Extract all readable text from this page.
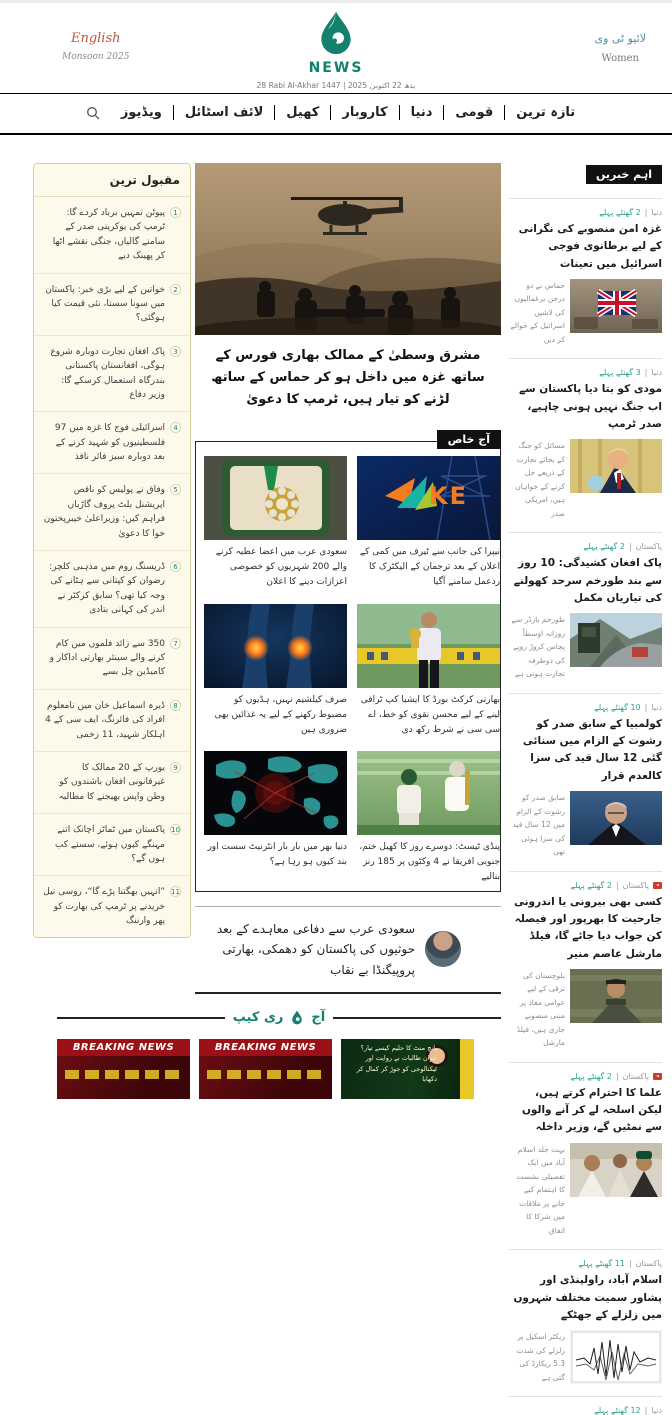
English
Monsoon 2025
NEWS
28 Rabi Al-Akhar 1447 | بدھ 22 اکتوبر, 2025
لائیو ٹی وی
Women
تازہ ترین
قومی
دنیا
کاروبار
کھیل
لائف اسٹائل
ویڈیوز
مقبول ترین
1
پیوٹن تمہیں برباد کردے گا: ٹرمپ کی یوکرینی صدر کے سامنے گالیاں، جنگی نقشے اٹھا کر پھینک دیے
2
خواتین کے لیے بڑی خبر: پاکستان میں سونا سستا، نئی قیمت کیا ہوگئی؟
3
پاک افغان تجارت دوبارہ شروع ہوگی، افغانستان پاکستانی بندرگاہ استعمال کرسکے گا: وزیر دفاع
4
اسرائیلی فوج کا غزہ میں 97 فلسطینیوں کو شہید کرنے کے بعد دوبارہ سیز فائر نافذ
5
وفاق نے پولیس کو ناقص اپریشنل بلٹ پروف گاڑیاں فراہم کیں: وزیراعلیٰ خیبرپختون خوا کا دعویٰ
6
ڈریسنگ روم میں مذہبی کلچر: رضوان کو کپتانی سے ہٹانے کی وجہ کیا تھی؟ سابق کرکٹر نے اندر کی کہانی بتادی
7
350 سے زائد فلموں میں کام کرنے والے سینئر بھارتی اداکار و کامیڈین چل بسے
8
ڈیرہ اسماعیل خان میں نامعلوم افراد کی فائرنگ، ایف سی کے 4 اہلکار شہید، 11 زخمی
9
یورپ کے 20 ممالک کا غیرقانونی افغان باشندوں کو وطن واپس بھیجنے کا مطالبہ
10
پاکستان میں ٹماٹر اچانک اتنے مہنگے کیوں ہوئے، سستے کب ہوں گے؟
11
”انہیں بھگتنا پڑے گا“، روسی تیل خریدنے پر ٹرمپ کی بھارت کو پھر وارننگ
مشرق وسطیٰ کے ممالک بھاری فورس کے ساتھ غزہ میں داخل ہو کر حماس کے ساتھ لڑنے کو تیار ہیں، ٹرمپ کا دعویٰ
آج خاص
سعودی عرب میں اعضا عطیہ کرنے والے 200 شہریوں کو خصوصی اعزازات دینے کا اعلان
KE
نیپرا کی جانب سے ٹیرف میں کمی کے اعلان کے بعد ترجمان کے الیکٹرک کا ردعمل سامنے آگیا
صرف کیلشیم نہیں، ہڈیوں کو مضبوط رکھنے کے لیے یہ غذائیں بھی ضروری ہیں
بھارتی کرکٹ بورڈ کا ایشیا کپ ٹرافی لینے کے لیے محسن نقوی کو خط، اے سی سی نے شرط رکھ دی
دنیا بھر میں بار بار انٹرنیٹ سست اور بند کیوں ہو رہا ہے؟
پنڈی ٹیسٹ: دوسرے روز کا کھیل ختم، جنوبی افریقا نے 4 وکٹوں پر 185 رنز بنالیے
سعودی عرب سے دفاعی معاہدے کے بعد حوثیوں کی پاکستان کو دھمکی، بھارتی پروپیگنڈا بے نقاب
آج
ری کیپ
BREAKING NEWS	BREAKING NEWS	پانچ منٹ کا حلیم کیسے تیار؟ جوان طالبات نے روایت اور ٹیکنالوجی کو جوڑ کر کمال کر دکھایا
اہم خبریں
دنیا
|
2 گھنٹے پہلے
غزہ امن منصوبے کی نگرانی کے لیے برطانوی فوجی اسرائیل میں تعینات
حماس نے دو درجن یرغمالیوں کی لاشیں اسرائیل کے حوالے کر دیں
دنیا
|
3 گھنٹے پہلے
مودی کو بتا دیا پاکستان سے اب جنگ نہیں ہونی چاہیے، صدر ٹرمپ
مسائل کو جنگ کے بجائے تجارت کے ذریعے حل کرنے کے خواہاں ہیں، امریکی صدر
پاکستان
|
2 گھنٹے پہلے
پاک افغان کشیدگی: 10 روز سے بند طورخم سرحد کھولنے کی تیاریاں مکمل
طورخم بارڈر سے روزانہ اوسطاً پچاس کروڑ روپے کی دوطرفہ تجارت ہوتی ہے
دنیا
|
10 گھنٹے پہلے
کولمبیا کے سابق صدر کو رشوت کے الزام میں سنائی گئی 12 سال قید کی سزا کالعدم قرار
سابق صدر کو رشوت کے الزام میں 12 سال قید کی سزا ہوئی تھی
پاکستان
|
2 گھنٹے پہلے
کسی بھی بیرونی یا اندرونی جارحیت کا بھرپور اور فیصلہ کن جواب دیا جائے گا، فیلڈ مارشل عاصم منیر
بلوچستان کی ترقی کے لیے عوامی مفاد پر مبنی منصوبے جاری ہیں، فیلڈ مارشل
پاکستان
|
2 گھنٹے پہلے
علما کا احترام کرتے ہیں، لیکن اسلحہ لے کر آنے والوں سے نمٹیں گے، وزیر داخلہ
بہت جلد اسلام آباد میں ایک تفصیلی نشست کا اہتمام کیے جانے پر ملاقات میں شرکا کا اتفاق
پاکستان
|
11 گھنٹے پہلے
اسلام آباد، راولپنڈی اور پشاور سمیت مختلف شہروں میں زلزلے کے جھٹکے
ریکٹر اسکیل پر زلزلے کی شدت 5.3 ریکارڈ کی گئی ہے
دنیا
|
12 گھنٹے پہلے
